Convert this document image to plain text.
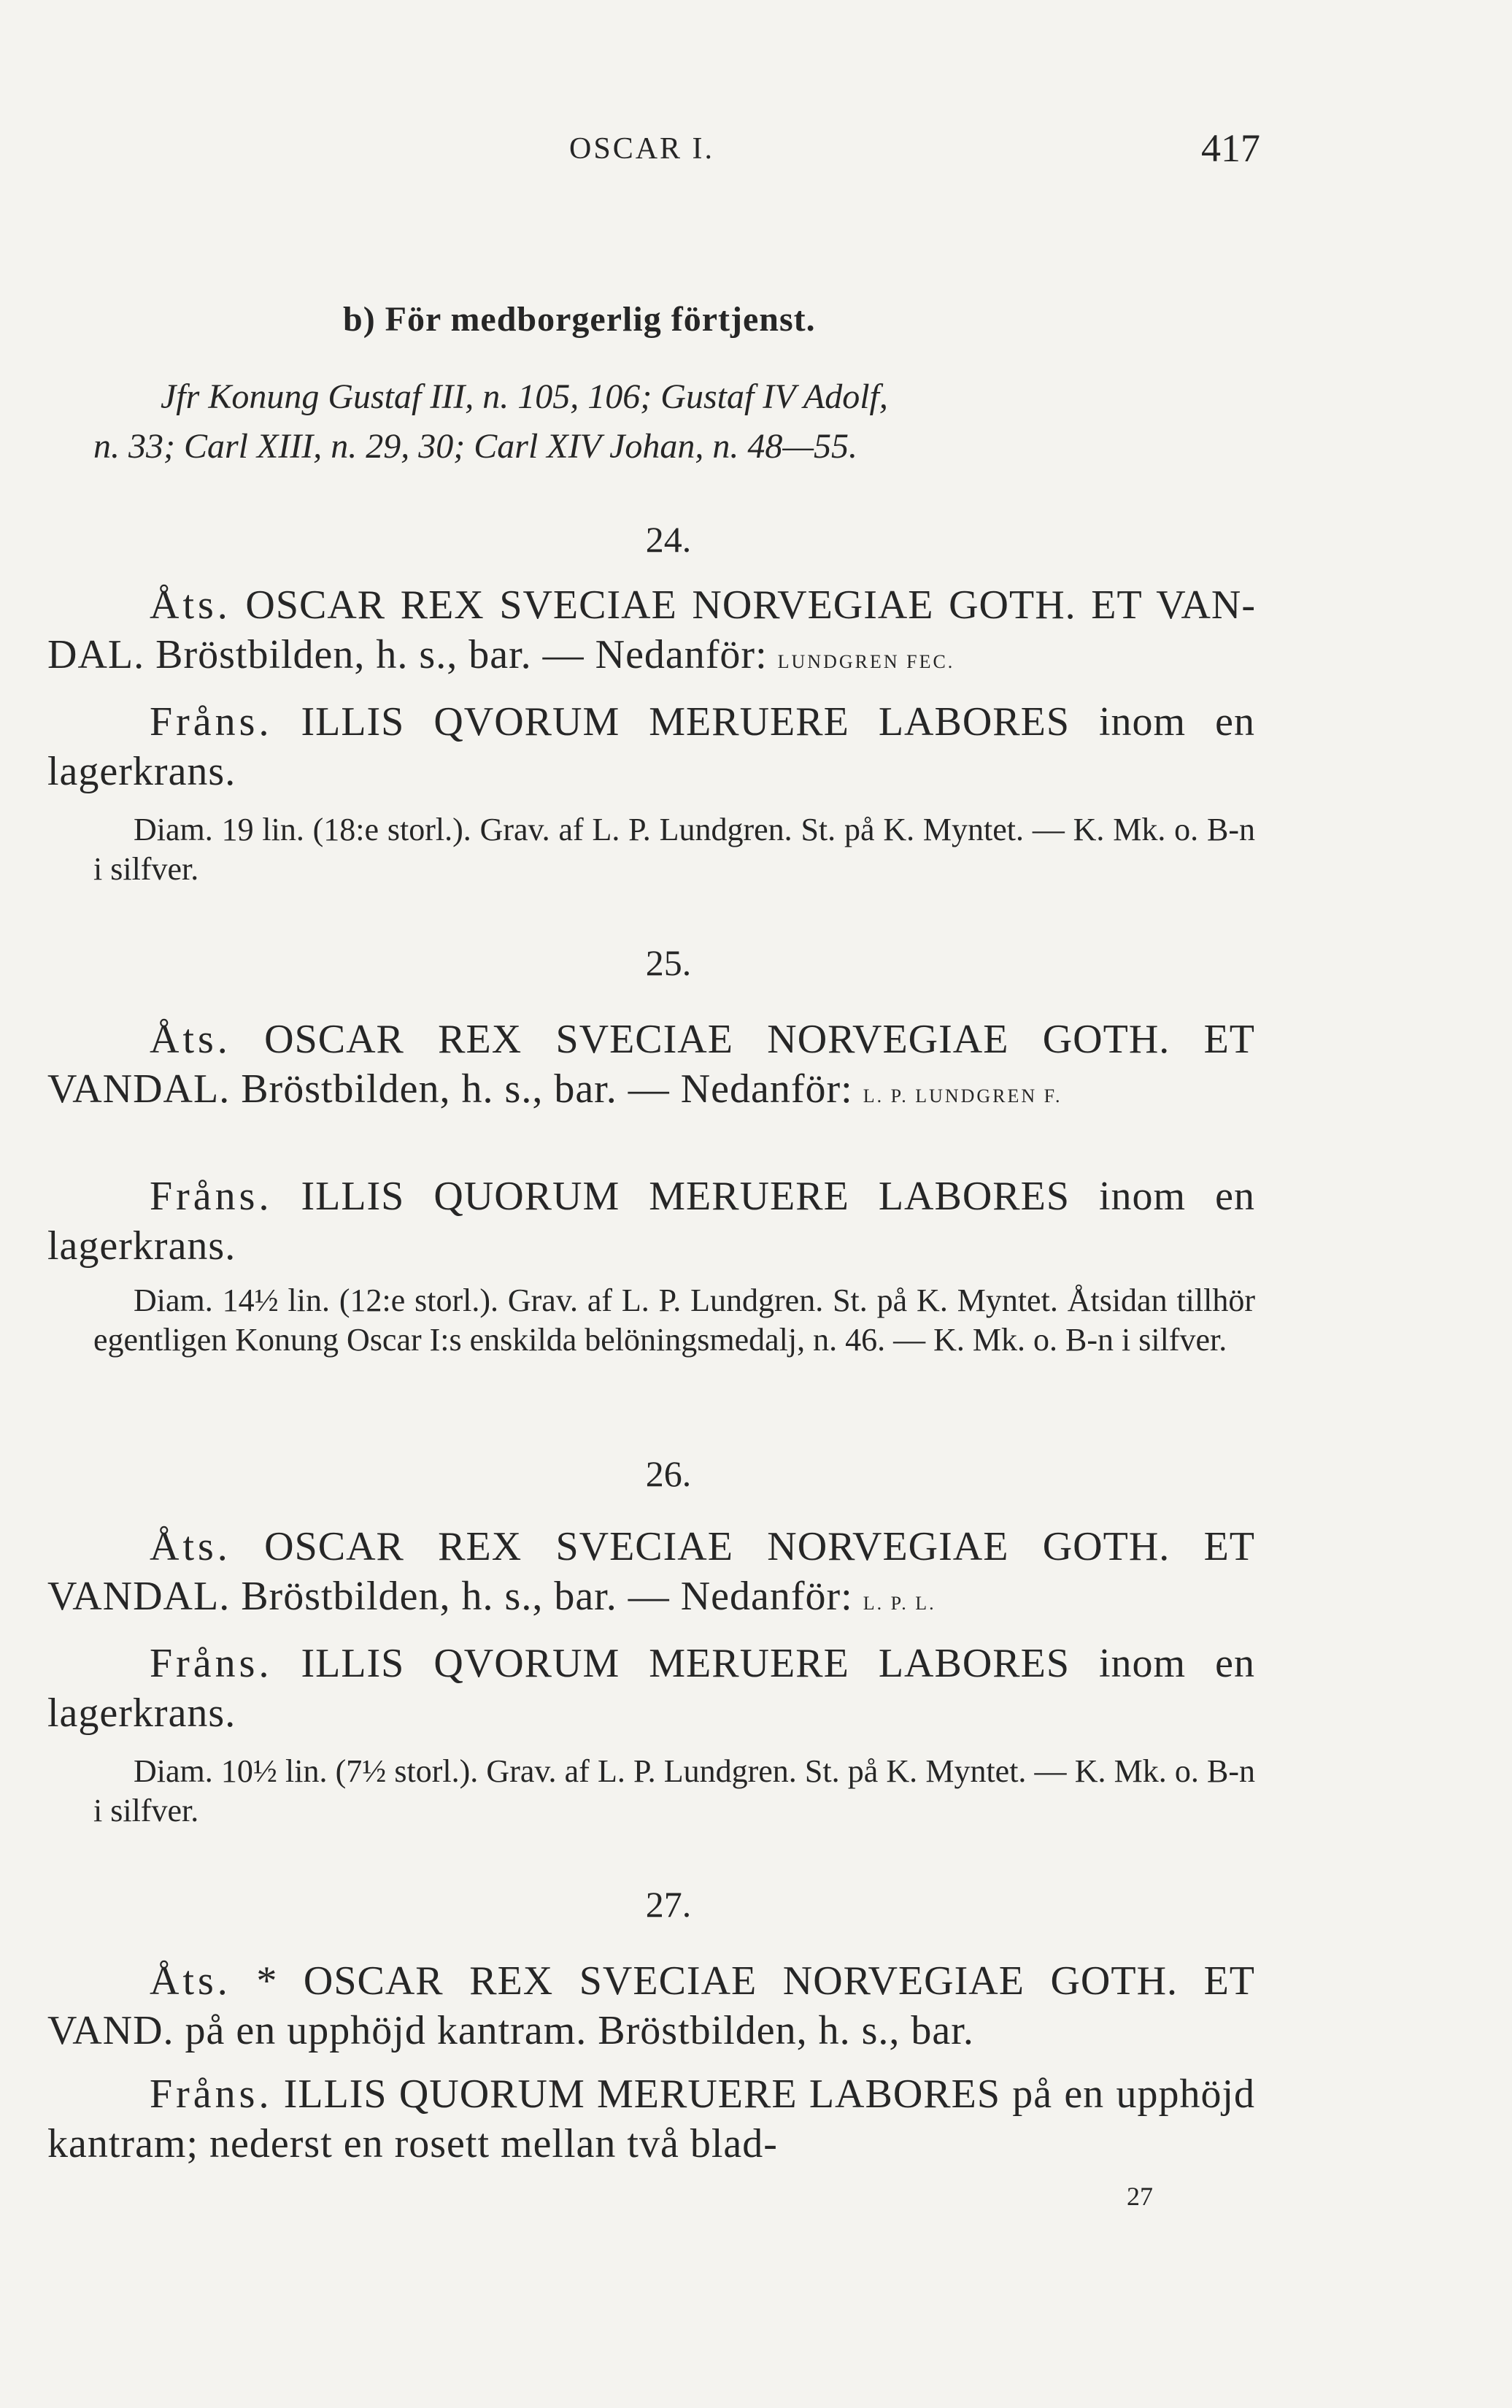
OSCAR I.	417
b) För medborgerlig förtjenst.
Jfr Konung Gustaf III, n. 105, 106; Gustaf IV Adolf,
n. 33; Carl XIII, n. 29, 30; Carl XIV Johan, n. 48—55.
24.
Åts. OSCAR REX SVECIAE NORVEGIAE GOTH. ET VANDAL. Bröstbilden, h. s., bar. — Nedanför: LUNDGREN FEC.
Fråns. ILLIS QVORUM MERUERE LABORES inom en lagerkrans.
Diam. 19 lin. (18:e storl.). Grav. af L. P. Lundgren. St. på K. Myntet. — K. Mk. o. B-n i silfver.
25.
Åts. OSCAR REX SVECIAE NORVEGIAE GOTH. ET VANDAL. Bröstbilden, h. s., bar. — Nedanför: L. P. LUNDGREN F.
Fråns. ILLIS QUORUM MERUERE LABORES inom en lagerkrans.
Diam. 14½ lin. (12:e storl.). Grav. af L. P. Lundgren. St. på K. Myntet. Åtsidan tillhör egentligen Konung Oscar I:s enskilda belöningsmedalj, n. 46. — K. Mk. o. B-n i silfver.
26.
Åts. OSCAR REX SVECIAE NORVEGIAE GOTH. ET VANDAL. Bröstbilden, h. s., bar. — Nedanför: L. P. L.
Fråns. ILLIS QVORUM MERUERE LABORES inom en lagerkrans.
Diam. 10½ lin. (7½ storl.). Grav. af L. P. Lundgren. St. på K. Myntet. — K. Mk. o. B-n i silfver.
27.
Åts. * OSCAR REX SVECIAE NORVEGIAE GOTH. ET VAND. på en upphöjd kantram. Bröstbilden, h. s., bar.
Fråns. ILLIS QUORUM MERUERE LABORES på en upphöjd kantram; nederst en rosett mellan två blad-
27
